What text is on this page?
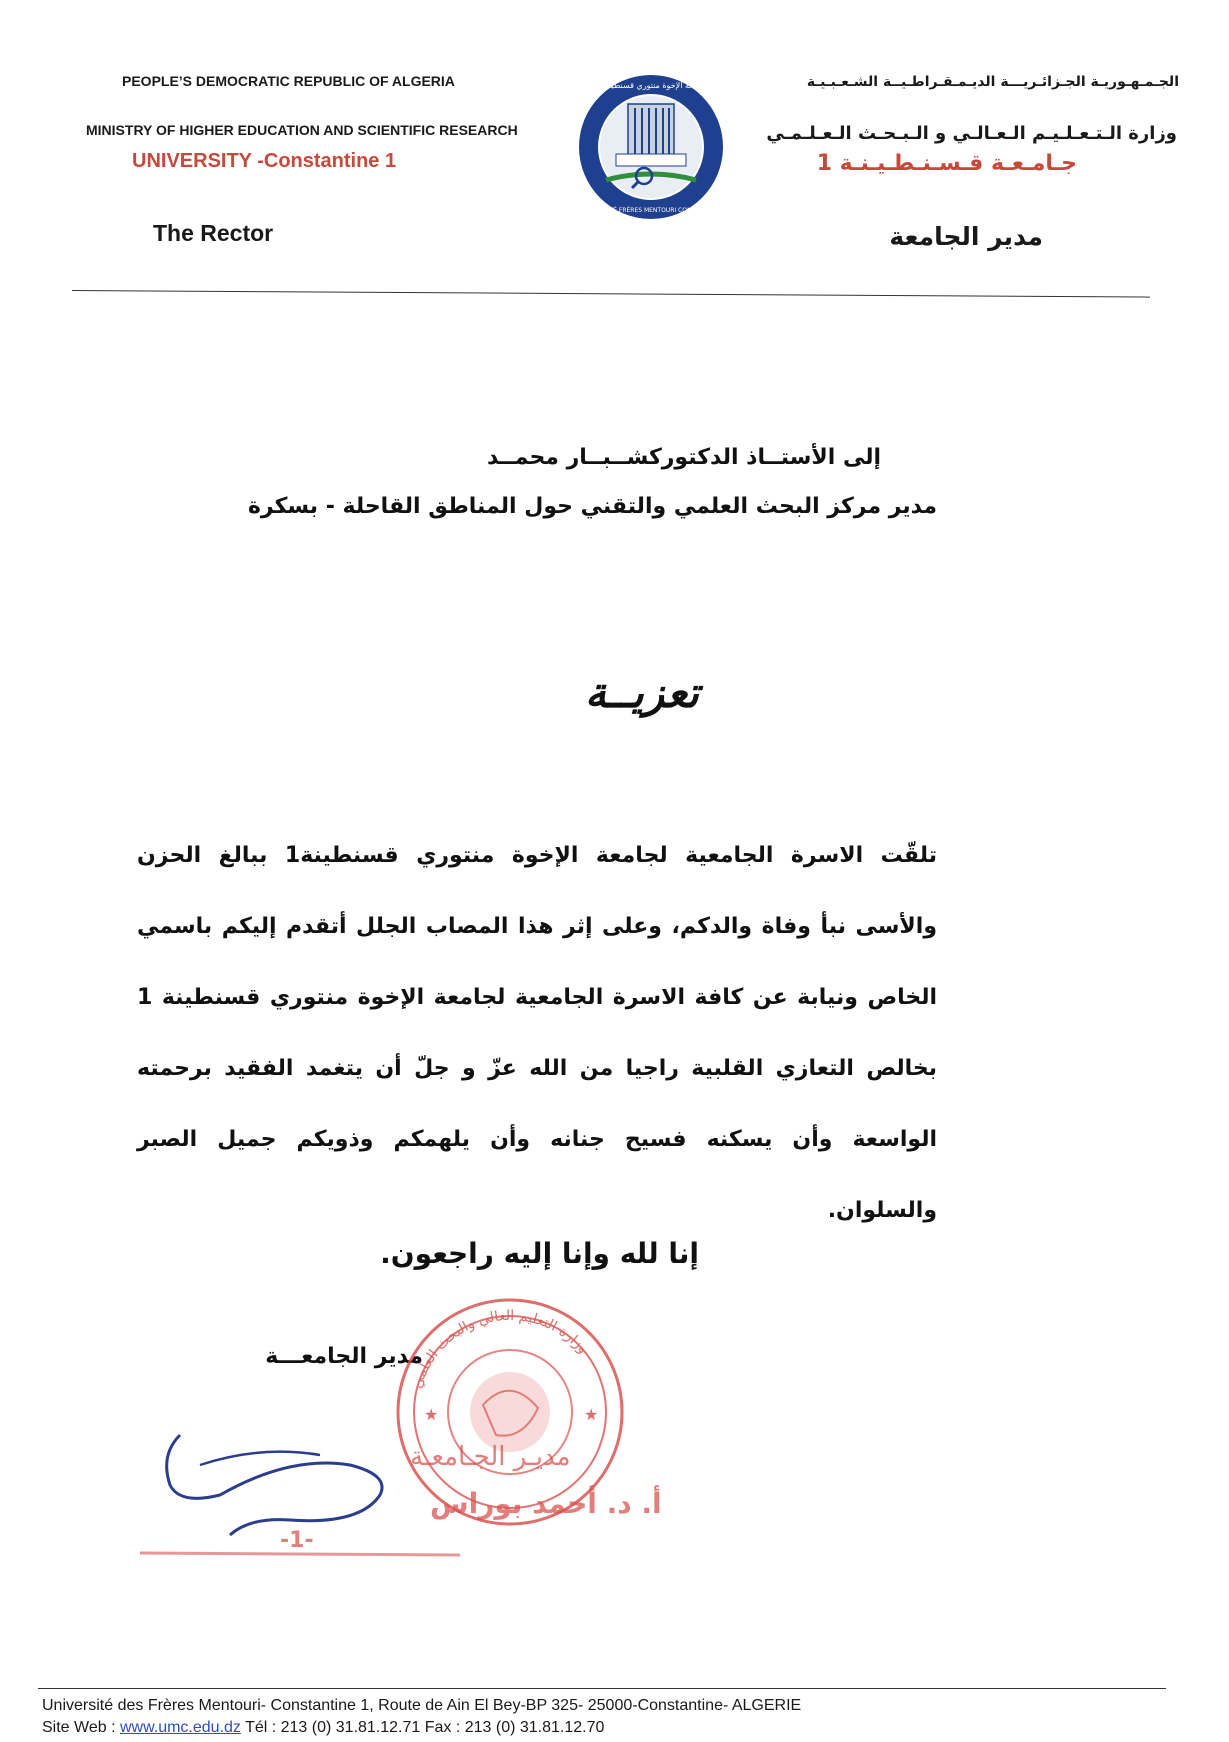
PEOPLE’S DEMOCRATIC REPUBLIC OF ALGERIA
MINISTRY OF HIGHER EDUCATION AND SCIENTIFIC RESEARCH
UNIVERSITY -Constantine 1
The Rector
الجـمـهـوريـة الجـزائـريـــة الديـمـقـراطـيــة الشـعـبـيـة
وزارة الـتـعـلـيـم الـعـالـي و الـبـحـث الـعـلـمـي
جـامـعـة قـسـنـطـيـنـة 1
مدير الجامعة
جامعة الإخوة منتوري قسنطينة 1
UNIVERSITÉ FRÈRES MENTOURI CONSTANTINE
إلى الأستــاذ الدكتوركشــبــار محمــد
مدير مركز البحث العلمي والتقني حول المناطق القاحلة - بسكرة
تعزيــة
تلقّت الاسرة الجامعية لجامعة الإخوة منتوري قسنطينة1 ببالغ الحزن والأسى نبأ وفاة والدكم، وعلى إثر هذا المصاب الجلل أتقدم إليكم باسمي الخاص ونيابة عن كافة الاسرة الجامعية لجامعة الإخوة منتوري قسنطينة 1 بخالص التعازي القلبية راجيا من الله عزّ و جلّ أن يتغمد الفقيد برحمته الواسعة وأن يسكنه فسيح جنانه وأن يلهمكم وذويكم جميل الصبر والسلوان.
إنا لله وإنا إليه راجعون.
مدير الجامعـــة
وزارة التعليم العالي والبحث العلمي
★	★
مديـر الجـامعـة
أ. د. أحمد بوراس
-1-
Université des Frères Mentouri- Constantine 1, Route de Ain El Bey-BP 325- 25000-Constantine- ALGERIE
Site Web : www.umc.edu.dz Tél : 213 (0) 31.81.12.71 Fax : 213 (0) 31.81.12.70
